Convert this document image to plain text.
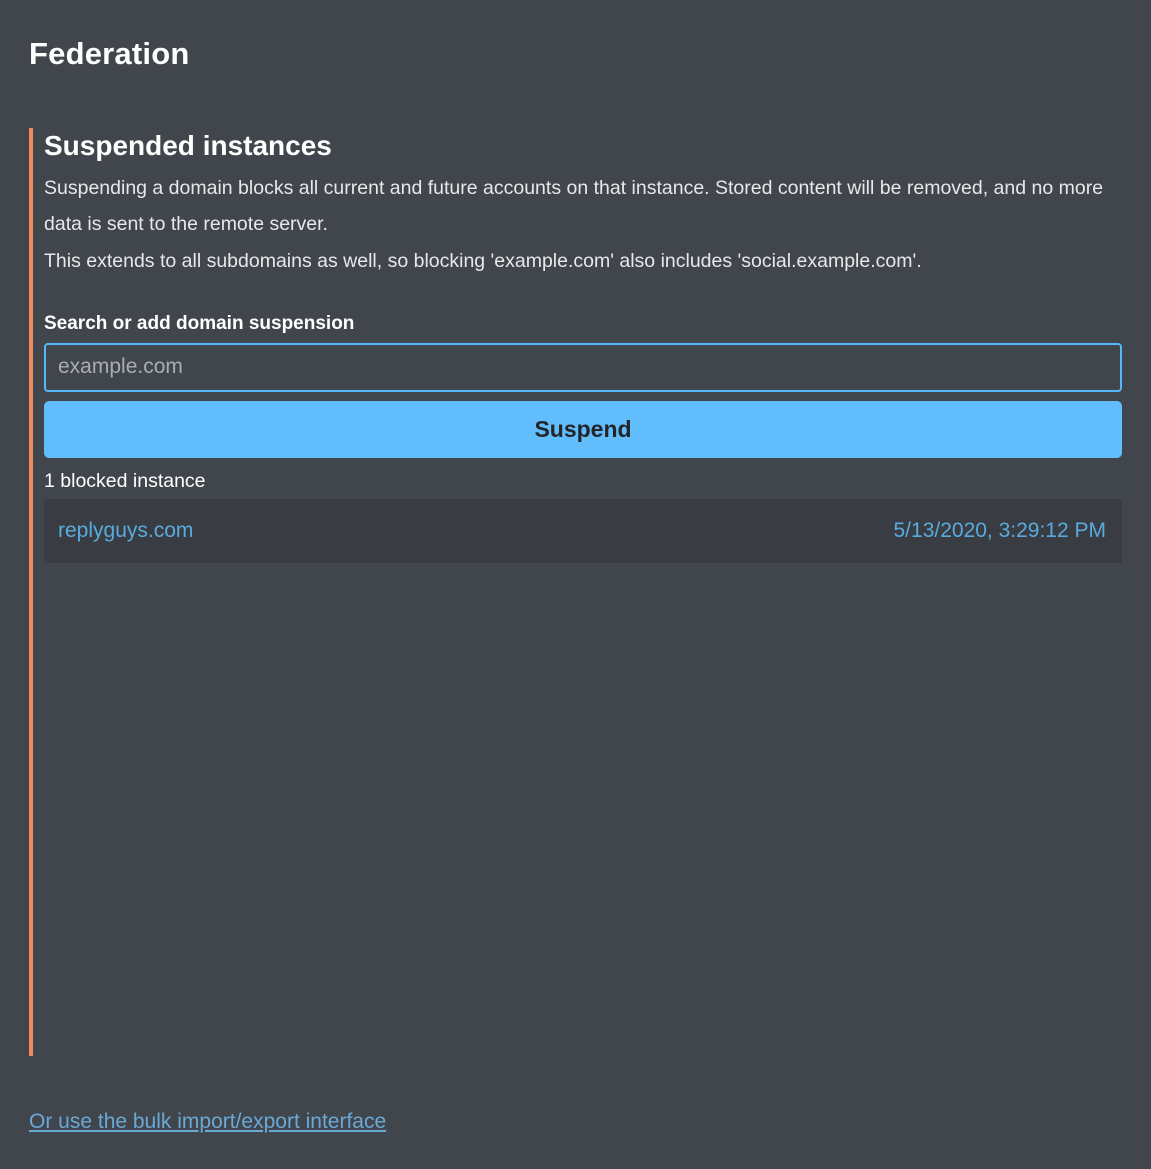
Federation
Suspended instances

Suspending a domain blocks all current and future accounts on that instance. Stored content will be removed, and no more data is sent to the remote server.

This extends to all subdomains as well, so blocking 'example.com' also includes 'social.example.com'.

Search or add domain suspension
example.com
Suspend
1 blocked instance
replyguys.com	5/13/2020, 3:29:12 PM
Or use the bulk import/export interface
